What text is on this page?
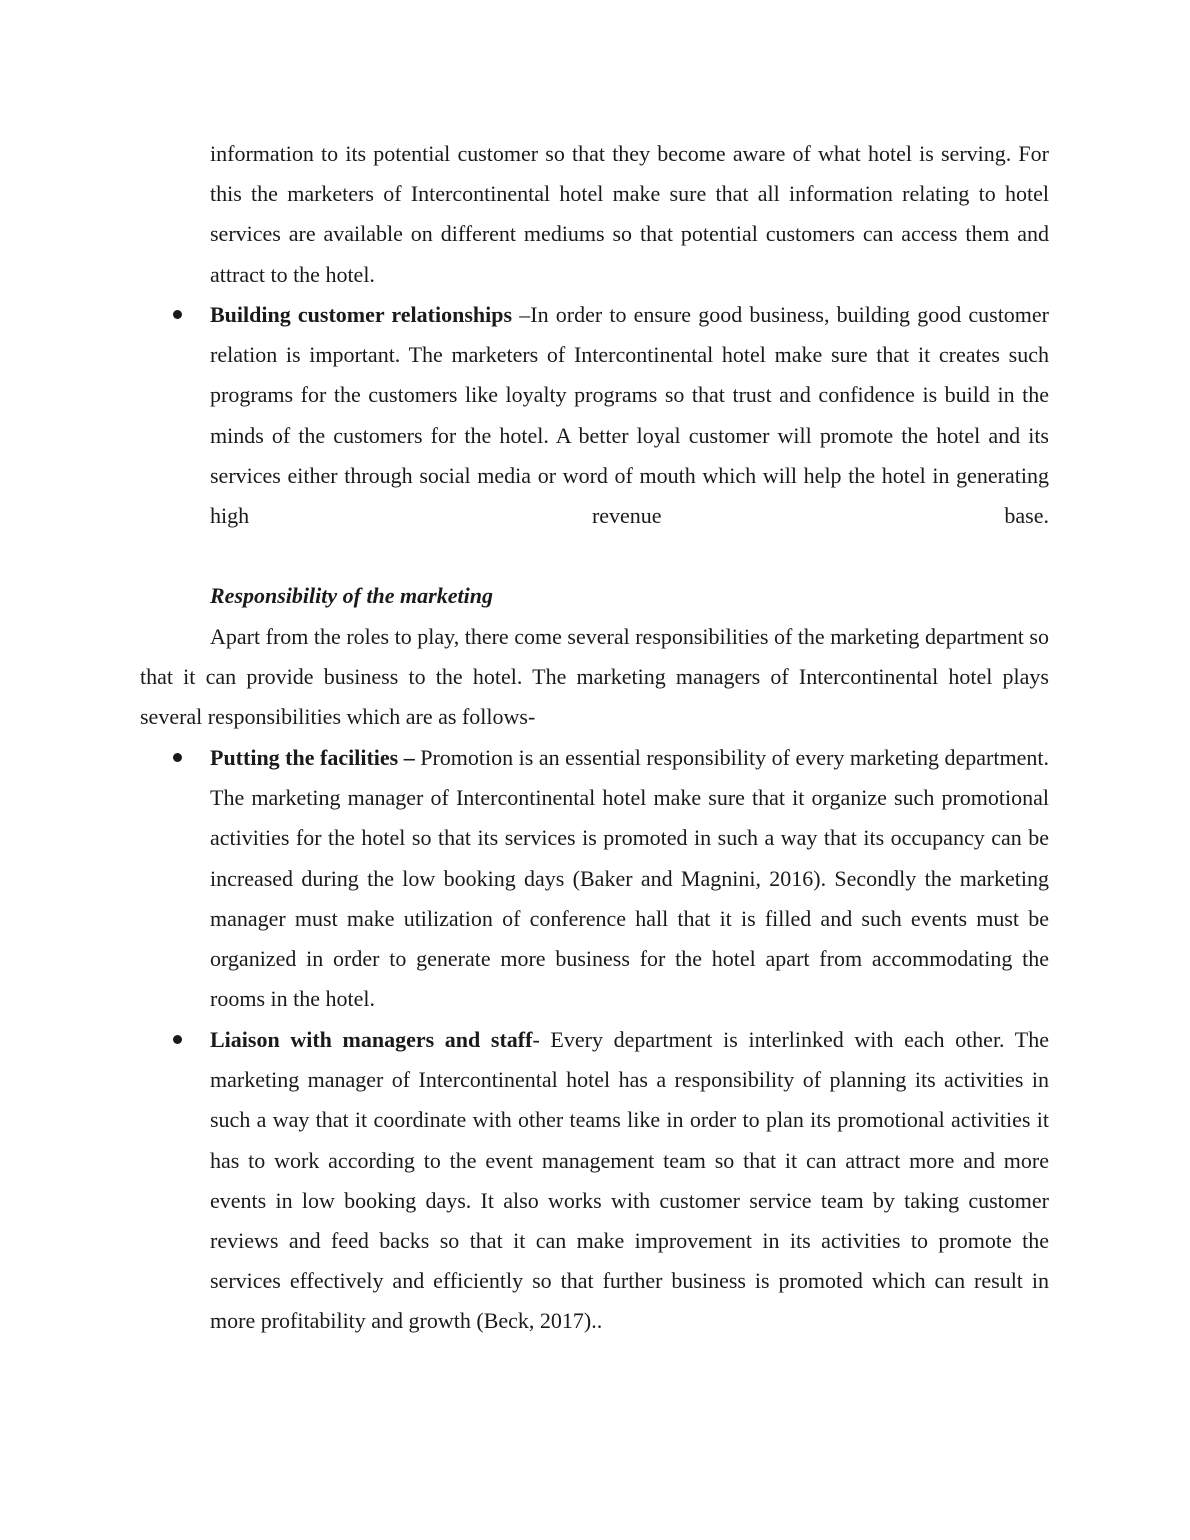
information to its potential customer so that they become aware of what hotel is serving. For this the marketers of Intercontinental hotel make sure that all information relating to hotel services are available on different mediums so that potential customers can access them and attract to the hotel.

Building customer relationships –In order to ensure good business, building good customer relation is important. The marketers of Intercontinental hotel make sure that it creates such programs for the customers like loyalty programs so that trust and confidence is build in the minds of the customers for the hotel. A better loyal customer will promote the hotel and its services either through social media or word of mouth which will help the hotel in generating high revenue base.

Responsibility of the marketing

Apart from the roles to play, there come several responsibilities of the marketing department so that it can provide business to the hotel. The marketing managers of Intercontinental hotel plays several responsibilities which are as follows-

Putting the facilities – Promotion is an essential responsibility of every marketing department. The marketing manager of Intercontinental hotel make sure that it organize such promotional activities for the hotel so that its services is promoted in such a way that its occupancy can be increased during the low booking days (Baker and Magnini, 2016). Secondly the marketing manager must make utilization of conference hall that it is filled and such events must be organized in order to generate more business for the hotel apart from accommodating the rooms in the hotel.

Liaison with managers and staff- Every department is interlinked with each other. The marketing manager of Intercontinental hotel has a responsibility of planning its activities in such a way that it coordinate with other teams like in order to plan its promotional activities it has to work according to the event management team so that it can attract more and more events in low booking days. It also works with customer service team by taking customer reviews and feed backs so that it can make improvement in its activities to promote the services effectively and efficiently so that further business is promoted which can result in more profitability and growth (Beck, 2017)..
